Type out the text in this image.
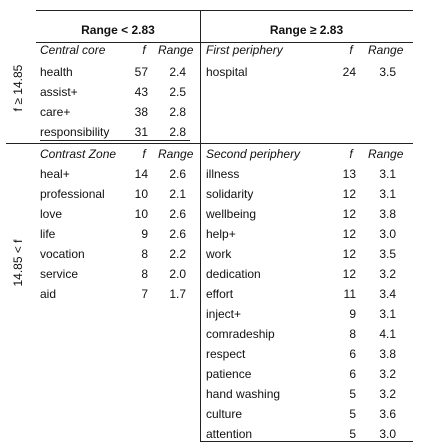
Range < 2.83	Range ≥ 2.83
f ≥ 14.85
14.85 < f
Central core	f	Range
health	57	2.4
assist+	43	2.5
care+	38	2.8
responsibility	31	2.8
First periphery	f	Range
hospital	24	3.5
Contrast Zone	f	Range
heal+	14	2.6
professional	10	2.1
love	10	2.6
life	9	2.6
vocation	8	2.2
service	8	2.0
aid	7	1.7
Second periphery	f	Range
illness	13	3.1
solidarity	12	3.1
wellbeing	12	3.8
help+	12	3.0
work	12	3.5
dedication	12	3.2
effort	11	3.4
inject+	9	3.1
comradeship	8	4.1
respect	6	3.8
patience	6	3.2
hand washing	5	3.2
culture	5	3.6
attention	5	3.0
